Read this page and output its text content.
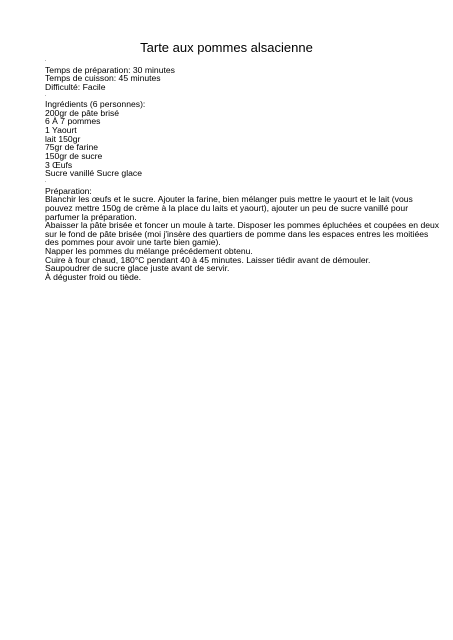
Tarte aux pommes alsacienne
.
Temps de préparation: 30 minutes
Temps de cuisson: 45 minutes
Difficulté: Facile
.
Ingrédients (6 personnes):
200gr de pâte brisé
6 À 7 pommes
1 Yaourt
lait 150gr
75gr de farine
150gr de sucre
3 Œufs
Sucre vanillé Sucre glace
.
Préparation:
Blanchir les œufs et le sucre. Ajouter la farine, bien mélanger puis mettre le yaourt et le lait (vous
pouvez mettre 150g de crème à la place du laits et yaourt), ajouter un peu de sucre vanillé pour
parfumer la préparation.
Abaisser la pâte brisée et foncer un moule à tarte. Disposer les pommes épluchées et coupées en deux
sur le fond de pâte brisée (moi j'insère des quartiers de pomme dans les espaces entres les moitiées
des pommes pour avoir une tarte bien gamie).
Napper les pommes du mélange précédement obtenu.
Cuire à four chaud, 180°C pendant 40 à 45 minutes. Laisser tiédir avant de démouler.
Saupoudrer de sucre glace juste avant de servir.
À déguster froid ou tiède.
